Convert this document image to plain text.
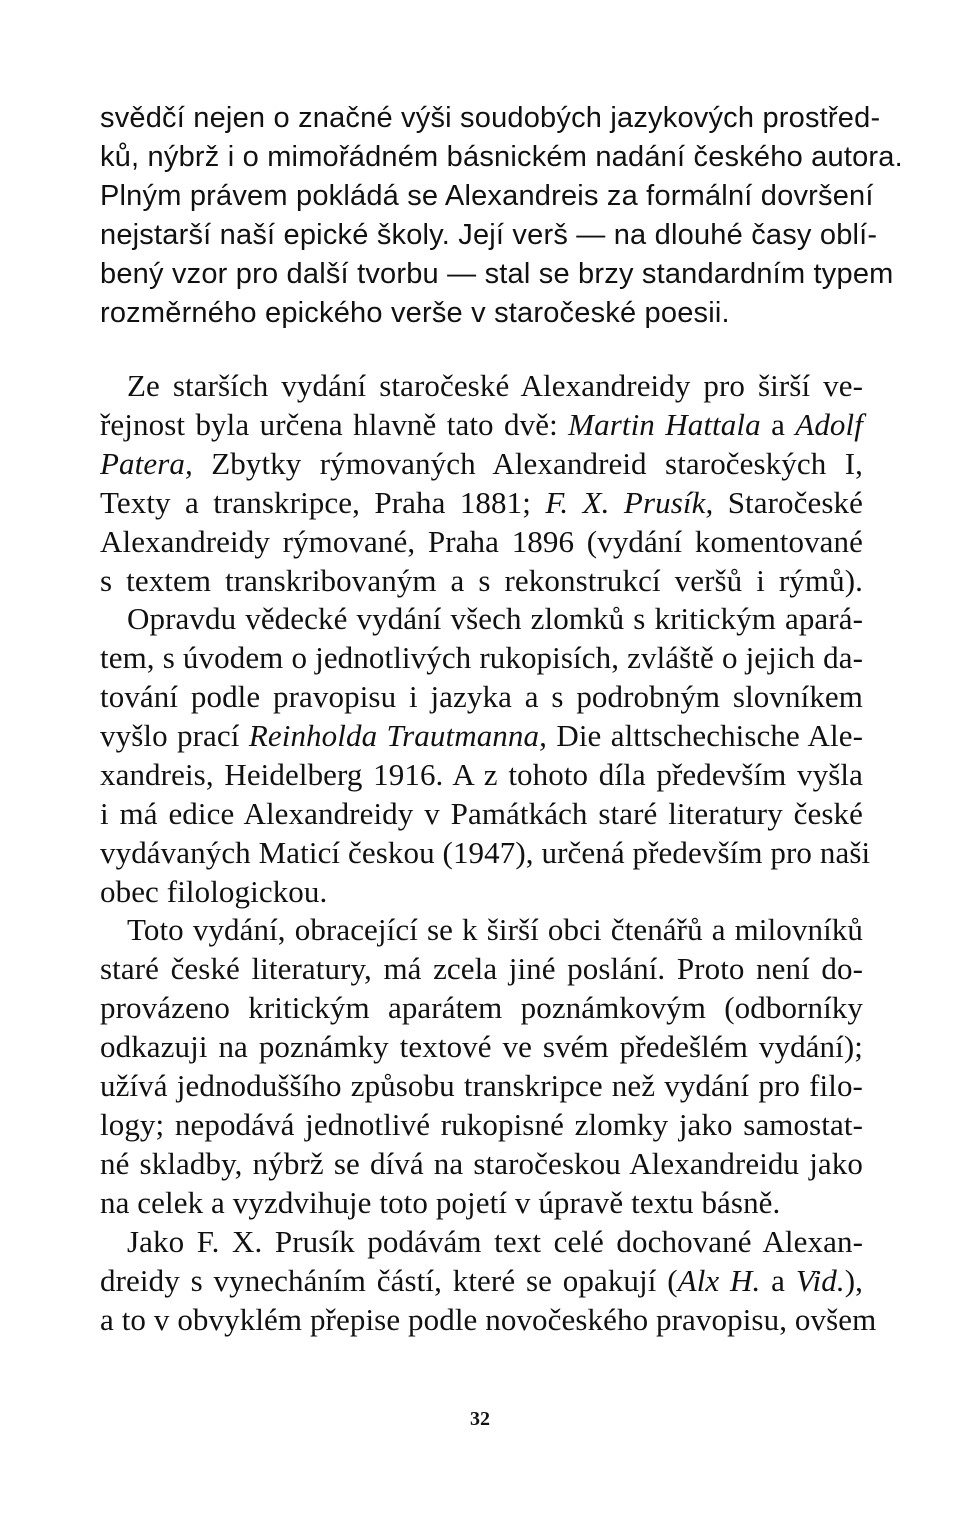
svědčí nejen o značné výši soudobých jazykových prostřed-
ků, nýbrž i o mimořádném básnickém nadání českého autora.
Plným právem pokládá se Alexandreis za formální dovršení
nejstarší naší epické školy. Její verš — na dlouhé časy oblí-
bený vzor pro další tvorbu — stal se brzy standardním typem
rozměrného epického verše v staročeské poesii.
Ze starších vydání staročeské Alexandreidy pro širší ve-
řejnost byla určena hlavně tato dvě: Martin Hattala a Adolf
Patera, Zbytky rýmovaných Alexandreid staročeských I,
Texty a transkripce, Praha 1881; F. X. Prusík, Staročeské
Alexandreidy rýmované, Praha 1896 (vydání komentované
s textem transkribovaným a s rekonstrukcí veršů i rýmů).
Opravdu vědecké vydání všech zlomků s kritickým apará-
tem, s úvodem o jednotlivých rukopisích, zvláště o jejich da-
tování podle pravopisu i jazyka a s podrobným slovníkem
vyšlo prací Reinholda Trautmanna, Die alttschechische Ale-
xandreis, Heidelberg 1916. A z tohoto díla především vyšla
i má edice Alexandreidy v Památkách staré literatury české
vydávaných Maticí českou (1947), určená především pro naši
obec filologickou.
Toto vydání, obracející se k širší obci čtenářů a milovníků
staré české literatury, má zcela jiné poslání. Proto není do-
provázeno kritickým aparátem poznámkovým (odborníky
odkazuji na poznámky textové ve svém předešlém vydání);
užívá jednoduššího způsobu transkripce než vydání pro filo-
logy; nepodává jednotlivé rukopisné zlomky jako samostat-
né skladby, nýbrž se dívá na staročeskou Alexandreidu jako
na celek a vyzdvihuje toto pojetí v úpravě textu básně.
Jako F. X. Prusík podávám text celé dochované Alexan-
dreidy s vynecháním částí, které se opakují (Alx H. a Vid.),
a to v obvyklém přepise podle novočeského pravopisu, ovšem
32
